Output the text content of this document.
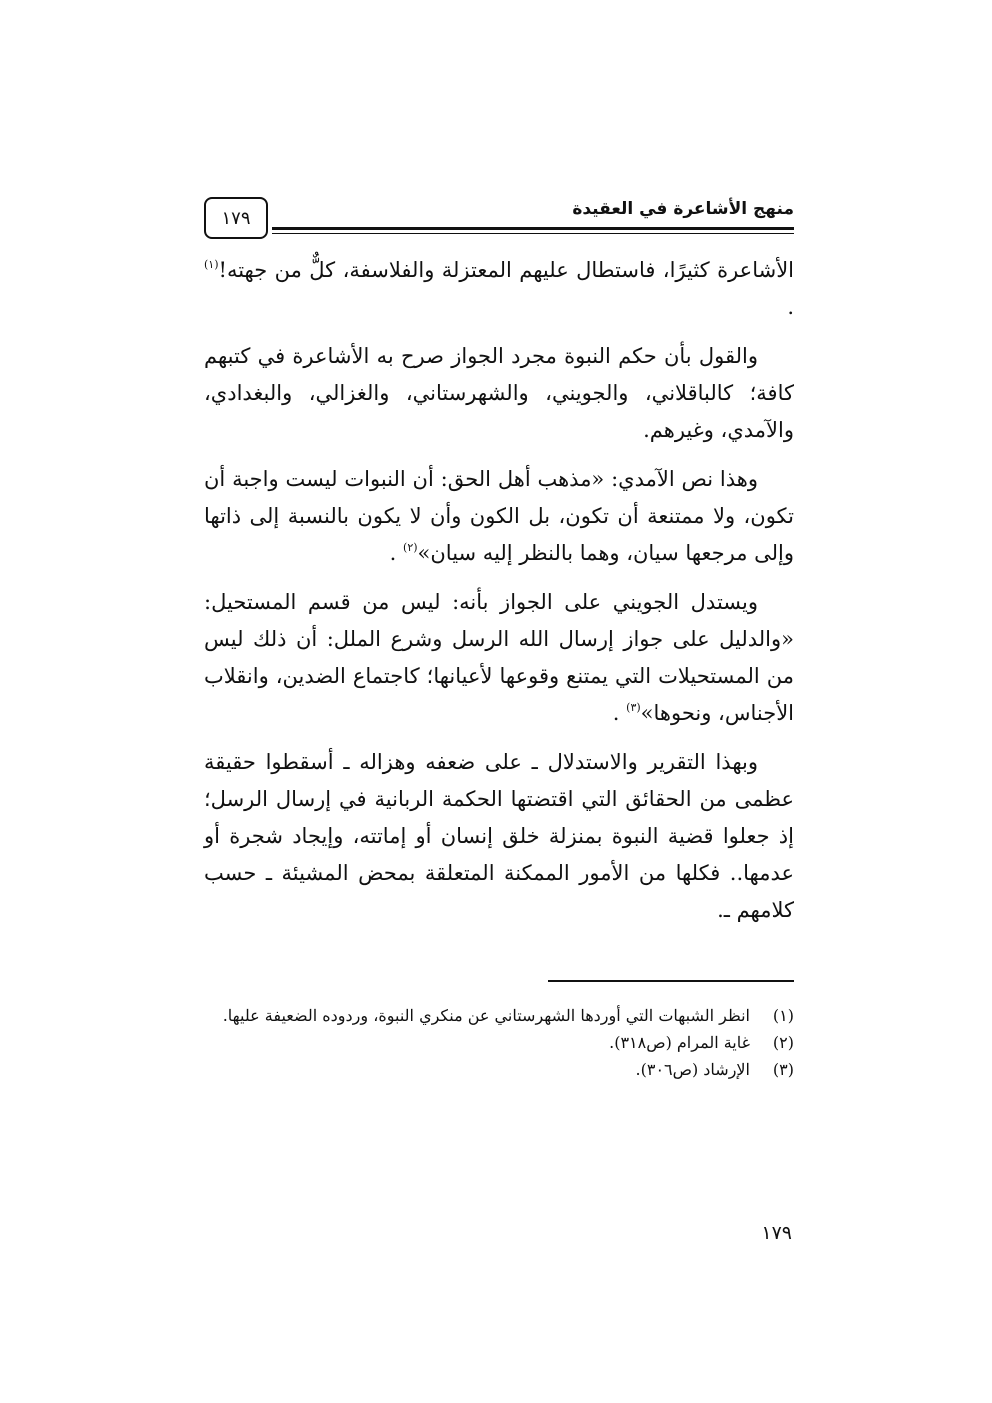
١٧٩	منهج الأشاعرة في العقيدة

الأشاعرة كثيرًا، فاستطال عليهم المعتزلة والفلاسفة، كلٌّ من جهته!$^{(١)}$ .

والقول بأن حكم النبوة مجرد الجواز صرح به الأشاعرة في كتبهم كافة؛ كالباقلاني، والجويني، والشهرستاني، والغزالي، والبغدادي، والآمدي، وغيرهم.

وهذا نص الآمدي: «مذهب أهل الحق: أن النبوات ليست واجبة أن تكون، ولا ممتنعة أن تكون، بل الكون وأن لا يكون بالنسبة إلى ذاتها وإلى مرجعها سيان، وهما بالنظر إليه سيان»$^{(٢)}$ .

ويستدل الجويني على الجواز بأنه: ليس من قسم المستحيل: «والدليل على جواز إرسال الله الرسل وشرع الملل: أن ذلك ليس من المستحيلات التي يمتنع وقوعها لأعيانها؛ كاجتماع الضدين، وانقلاب الأجناس، ونحوها»$^{(٣)}$ .

وبهذا التقرير والاستدلال ـ على ضعفه وهزاله ـ أسقطوا حقيقة عظمى من الحقائق التي اقتضتها الحكمة الربانية في إرسال الرسل؛ إذ جعلوا قضية النبوة بمنزلة خلق إنسان أو إماتته، وإيجاد شجرة أو عدمها.. فكلها من الأمور الممكنة المتعلقة بمحض المشيئة ـ حسب كلامهم ـ.

(١)
انظر الشبهات التي أوردها الشهرستاني عن منكري النبوة، وردوده الضعيفة عليها.
(٢)
غاية المرام (ص٣١٨).
(٣)
الإرشاد (ص٣٠٦).
١٧٩
